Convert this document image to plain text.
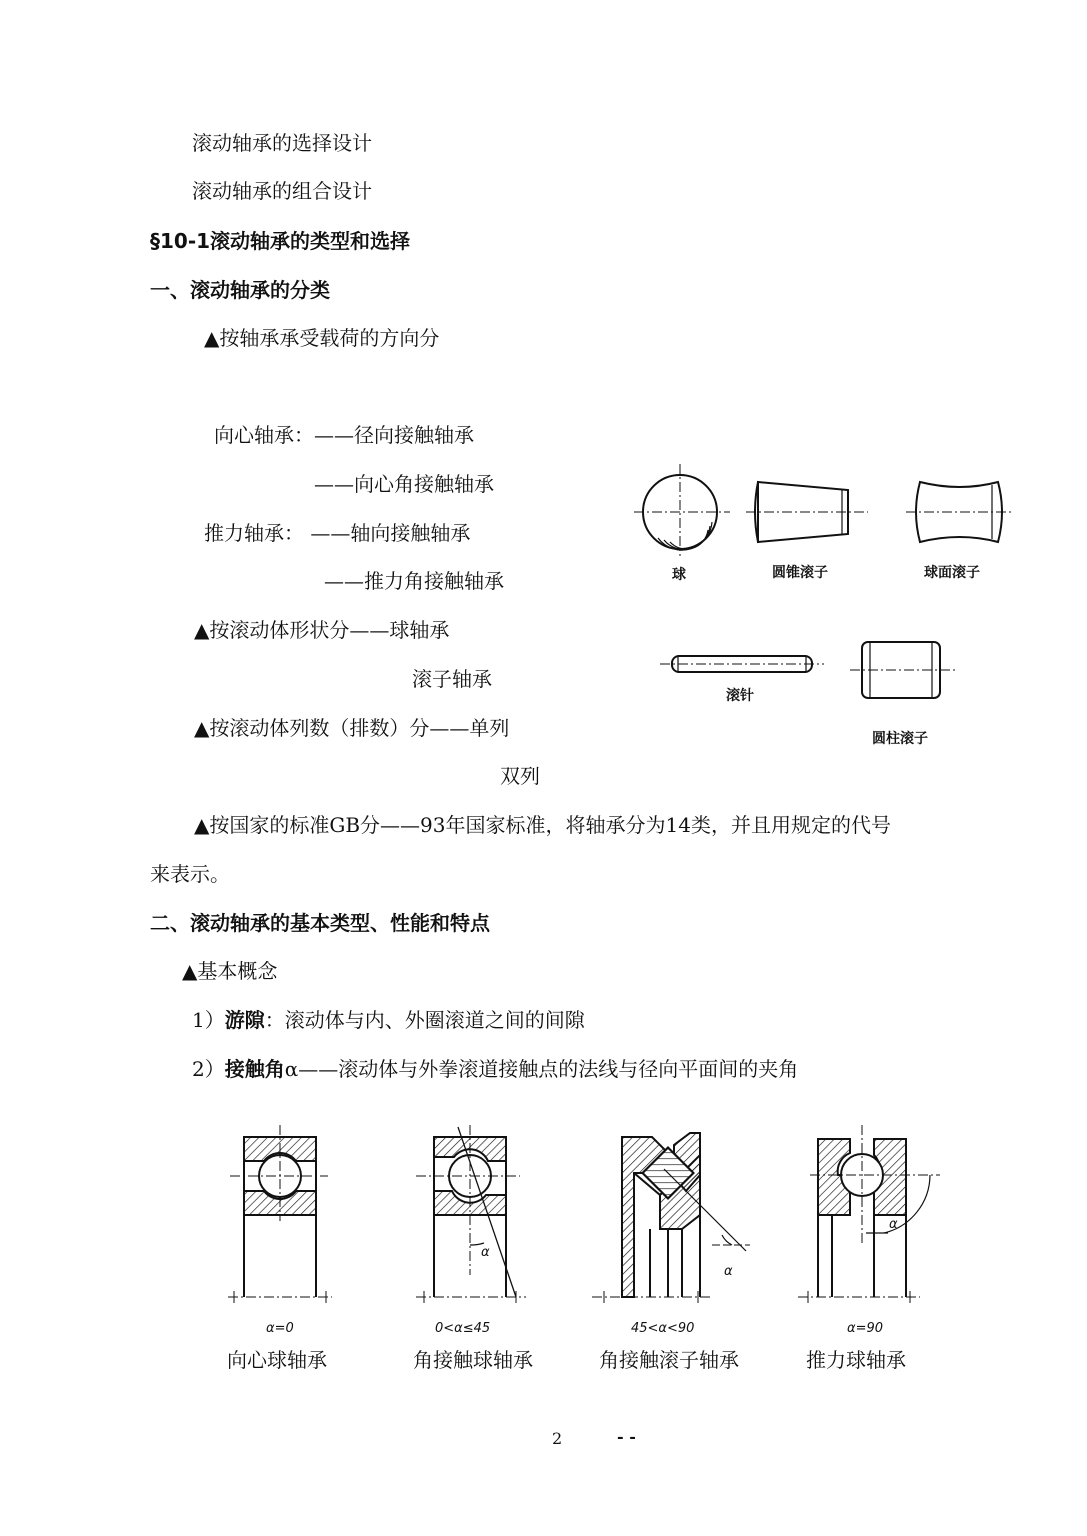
滚动轴承的选择设计
滚动轴承的组合设计
§10-1滚动轴承的类型和选择
一、滚动轴承的分类
▲按轴承承受载荷的方向分
向心轴承：——径向接触轴承
——向心角接触轴承
推力轴承： ——轴向接触轴承
——推力角接触轴承
▲按滚动体形状分——球轴承
滚子轴承
▲按滚动体列数（排数）分——单列
双列
▲按国家的标准GB分——93年国家标准，将轴承分为14类，并且用规定的代号
来表示。
二、滚动轴承的基本类型、性能和特点
▲基本概念
1）游隙：滚动体与内、外圈滚道之间的间隙
2）接触角α——滚动体与外拳滚道接触点的法线与径向平面间的夹角
球	圆锥滚子	球面滚子
滚针
圆柱滚子
α
α
α
α=0	0<α≤45	45<α<90	α=90
向心球轴承	角接触球轴承	角接触滚子轴承	推力球轴承
2	- -
